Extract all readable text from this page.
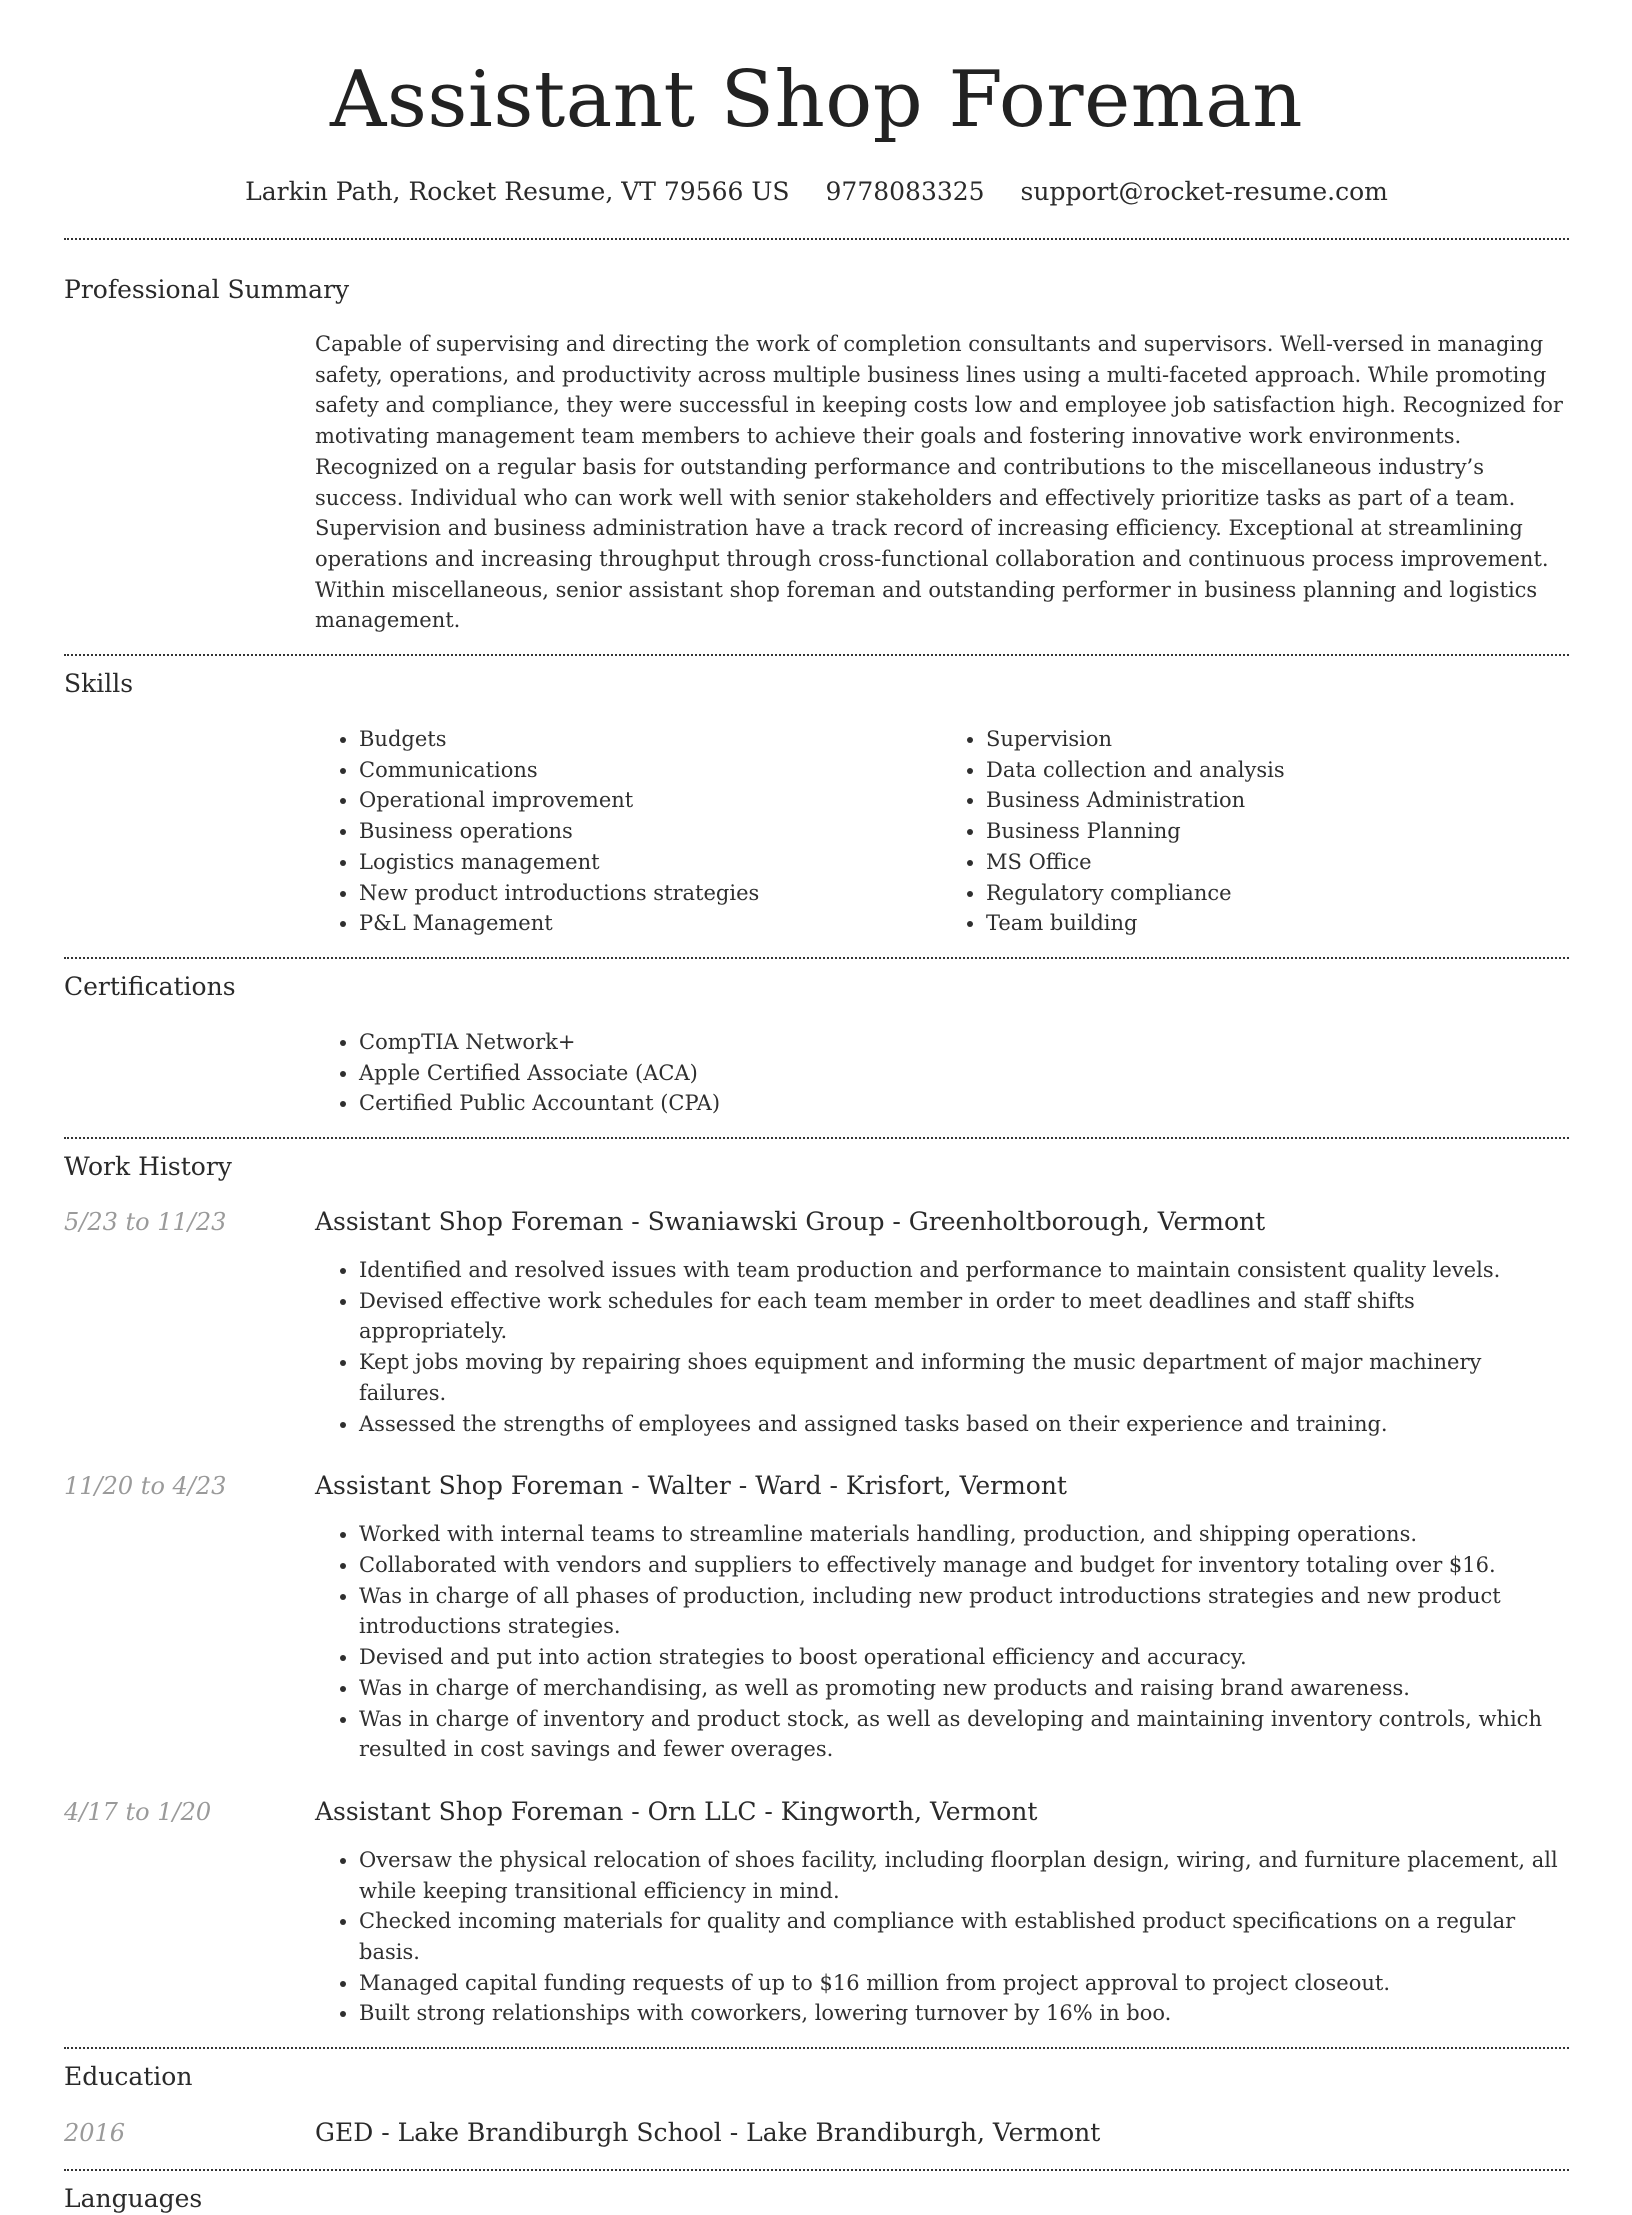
Assistant Shop Foreman
Larkin Path, Rocket Resume, VT 79566 US 9778083325 support@rocket-resume.com
Professional Summary
Capable of supervising and directing the work of completion consultants and supervisors. Well-versed in managing safety, operations, and productivity across multiple business lines using a multi-faceted approach. While promoting safety and compliance, they were successful in keeping costs low and employee job satisfaction high. Recognized for motivating management team members to achieve their goals and fostering innovative work environments. Recognized on a regular basis for outstanding performance and contributions to the miscellaneous industry’s success. Individual who can work well with senior stakeholders and effectively prioritize tasks as part of a team. Supervision and business administration have a track record of increasing efficiency. Exceptional at streamlining operations and increasing throughput through cross-functional collaboration and continuous process improvement. Within miscellaneous, senior assistant shop foreman and outstanding performer in business planning and logistics management.
Skills
• Budgets
• Communications
• Operational improvement
• Business operations
• Logistics management
• New product introductions strategies
• P&L Management
• Supervision
• Data collection and analysis
• Business Administration
• Business Planning
• MS Office
• Regulatory compliance
• Team building
Certifications
• CompTIA Network+
• Apple Certified Associate (ACA)
• Certified Public Accountant (CPA)
Work History
5/23 to 11/23	Assistant Shop Foreman - Swaniawski Group - Greenholtborough, Vermont
• Identified and resolved issues with team production and performance to maintain consistent quality levels.
• Devised effective work schedules for each team member in order to meet deadlines and staff shifts appropriately.
• Kept jobs moving by repairing shoes equipment and informing the music department of major machinery failures.
• Assessed the strengths of employees and assigned tasks based on their experience and training.
11/20 to 4/23	Assistant Shop Foreman - Walter - Ward - Krisfort, Vermont
• Worked with internal teams to streamline materials handling, production, and shipping operations.
• Collaborated with vendors and suppliers to effectively manage and budget for inventory totaling over $16.
• Was in charge of all phases of production, including new product introductions strategies and new product introductions strategies.
• Devised and put into action strategies to boost operational efficiency and accuracy.
• Was in charge of merchandising, as well as promoting new products and raising brand awareness.
• Was in charge of inventory and product stock, as well as developing and maintaining inventory controls, which resulted in cost savings and fewer overages.
4/17 to 1/20	Assistant Shop Foreman - Orn LLC - Kingworth, Vermont
• Oversaw the physical relocation of shoes facility, including floorplan design, wiring, and furniture placement, all while keeping transitional efficiency in mind.
• Checked incoming materials for quality and compliance with established product specifications on a regular basis.
• Managed capital funding requests of up to $16 million from project approval to project closeout.
• Built strong relationships with coworkers, lowering turnover by 16% in boo.
Education
2016	GED - Lake Brandiburgh School - Lake Brandiburgh, Vermont
Languages
